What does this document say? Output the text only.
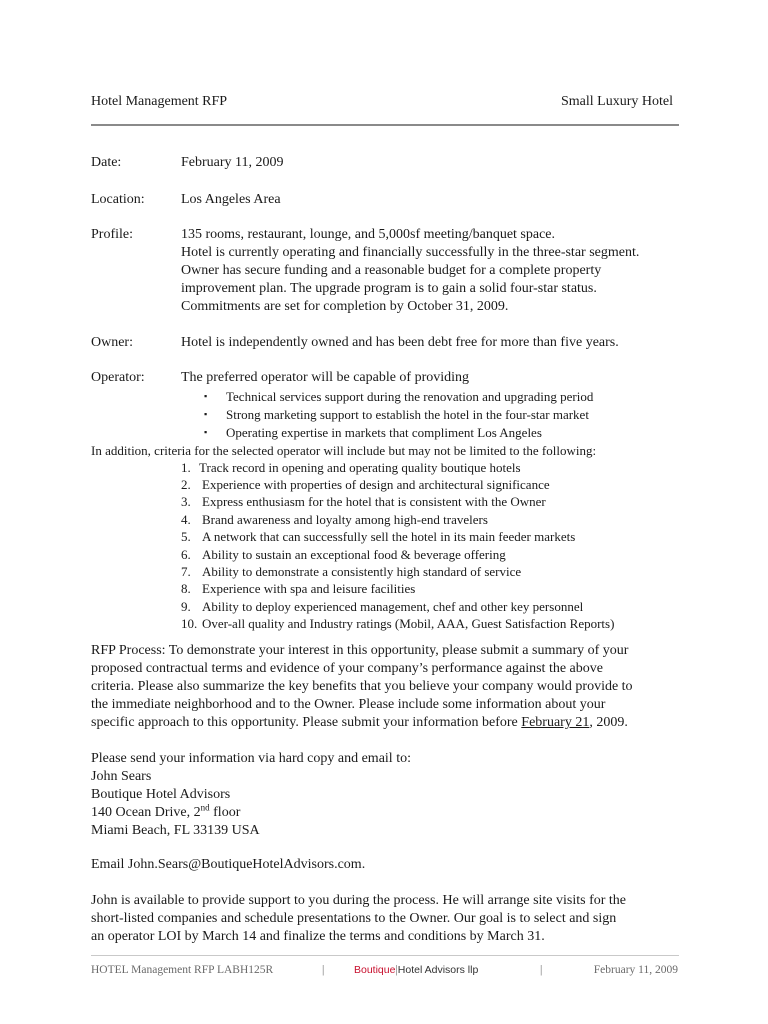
Hotel Management RFP	Small Luxury Hotel
Date:	February 11, 2009
Location:	Los Angeles Area
Profile:	135 rooms, restaurant, lounge, and 5,000sf meeting/banquet space.
Hotel is currently operating and financially successfully in the three-star segment.
Owner has secure funding and a reasonable budget for a complete property
improvement plan. The upgrade program is to gain a solid four-star status.
Commitments are set for completion by October 31, 2009.
Owner:	Hotel is independently owned and has been debt free for more than five years.
Operator:	The preferred operator will be capable of providing
▪ Technical services support during the renovation and upgrading period
▪ Strong marketing support to establish the hotel in the four-star market
▪ Operating expertise in markets that compliment Los Angeles
In addition, criteria for the selected operator will include but may not be limited to the following:
1. Track record in opening and operating quality boutique hotels
2. Experience with properties of design and architectural significance
3. Express enthusiasm for the hotel that is consistent with the Owner
4. Brand awareness and loyalty among high-end travelers
5. A network that can successfully sell the hotel in its main feeder markets
6. Ability to sustain an exceptional food & beverage offering
7. Ability to demonstrate a consistently high standard of service
8. Experience with spa and leisure facilities
9. Ability to deploy experienced management, chef and other key personnel
10. Over-all quality and Industry ratings (Mobil, AAA, Guest Satisfaction Reports)
RFP Process: To demonstrate your interest in this opportunity, please submit a summary of your
proposed contractual terms and evidence of your company’s performance against the above
criteria. Please also summarize the key benefits that you believe your company would provide to
the immediate neighborhood and to the Owner. Please include some information about your
specific approach to this opportunity. Please submit your information before February 21, 2009.
Please send your information via hard copy and email to:
John Sears
Boutique Hotel Advisors
140 Ocean Drive, 2nd floor
Miami Beach, FL 33139 USA
Email John.Sears@BoutiqueHotelAdvisors.com.
John is available to provide support to you during the process. He will arrange site visits for the
short-listed companies and schedule presentations to the Owner. Our goal is to select and sign
an operator LOI by March 14 and finalize the terms and conditions by March 31.
HOTEL Management RFP LABH125R	|	Boutique|Hotel Advisors llp	|	February 11, 2009
